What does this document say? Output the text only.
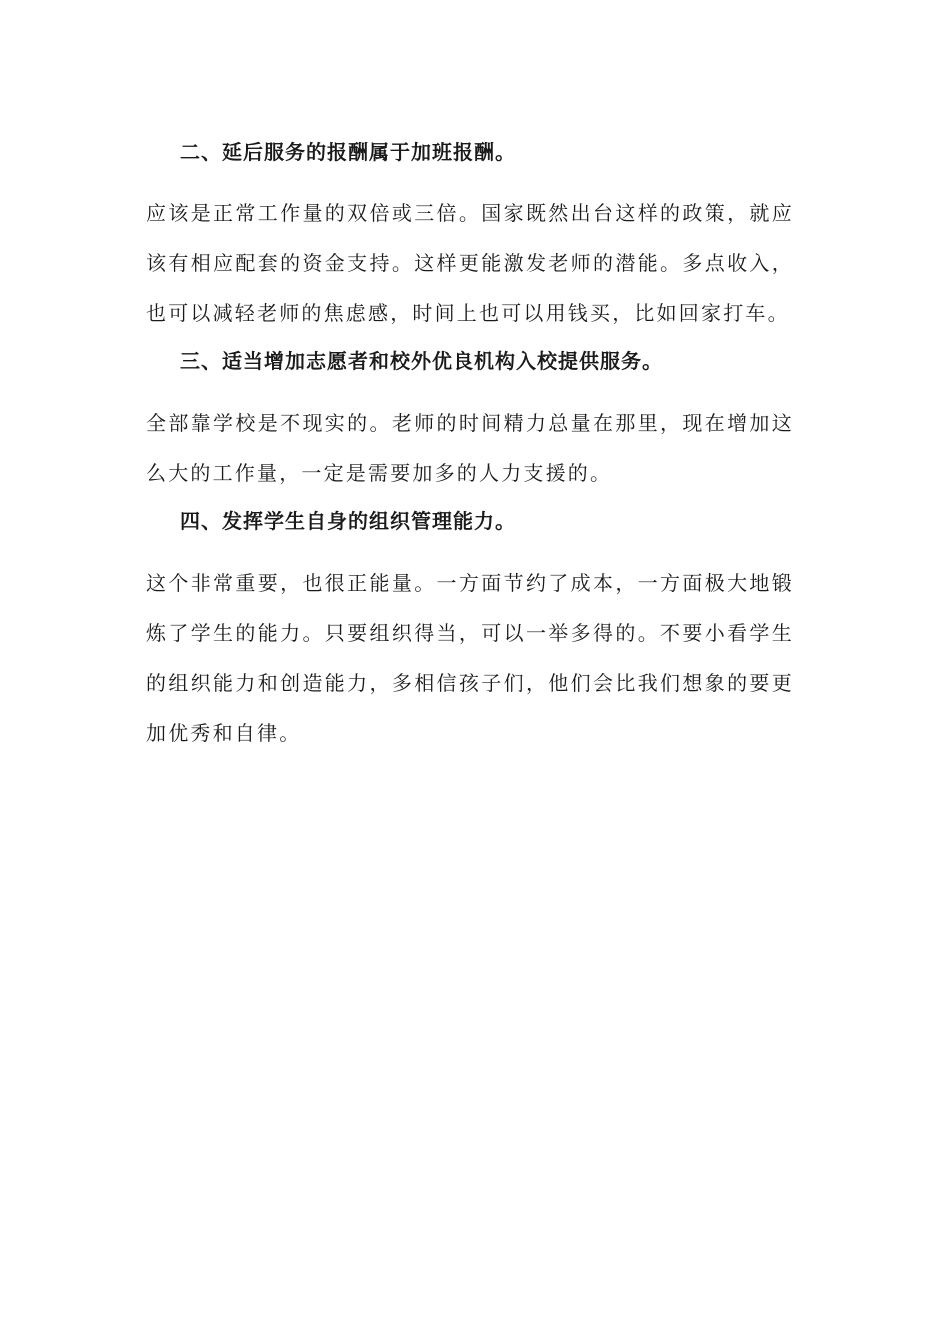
二、延后服务的报酬属于加班报酬。
应该是正常工作量的双倍或三倍。国家既然出台这样的政策，就应该有相应配套的资金支持。这样更能激发老师的潜能。多点收入，也可以减轻老师的焦虑感，时间上也可以用钱买，比如回家打车。
三、适当增加志愿者和校外优良机构入校提供服务。
全部靠学校是不现实的。老师的时间精力总量在那里，现在增加这么大的工作量，一定是需要加多的人力支援的。
四、发挥学生自身的组织管理能力。
这个非常重要，也很正能量。一方面节约了成本，一方面极大地锻炼了学生的能力。只要组织得当，可以一举多得的。不要小看学生的组织能力和创造能力，多相信孩子们，他们会比我们想象的要更加优秀和自律。
